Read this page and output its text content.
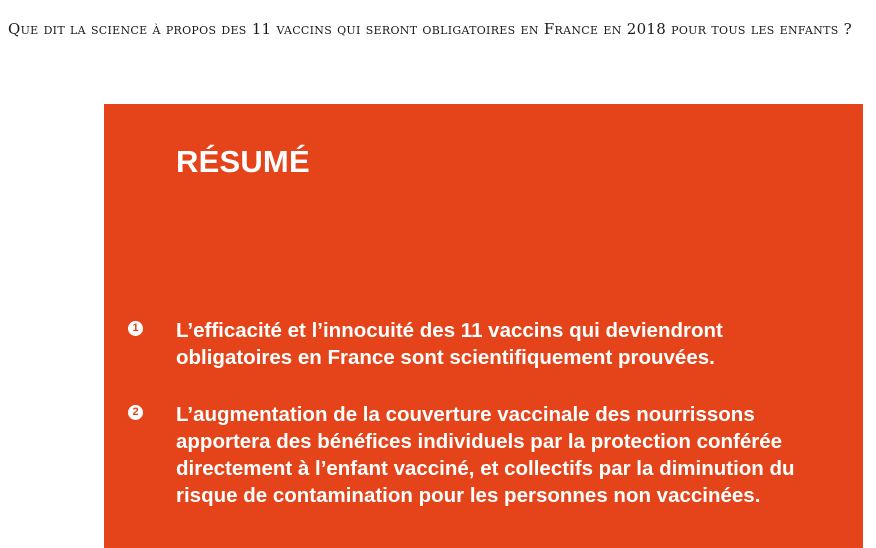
Que dit la science à propos des 11 vaccins qui seront obligatoires en France en 2018 pour tous les enfants ?
RÉSUMÉ
1 L’efficacité et l’innocuité des 11 vaccins qui deviendront obligatoires en France sont scientifiquement prouvées.
2 L’augmentation de la couverture vaccinale des nourrissons apportera des bénéfices individuels par la protection conférée directement à l’enfant vacciné, et collectifs par la diminution du risque de contamination pour les personnes non vaccinées.
